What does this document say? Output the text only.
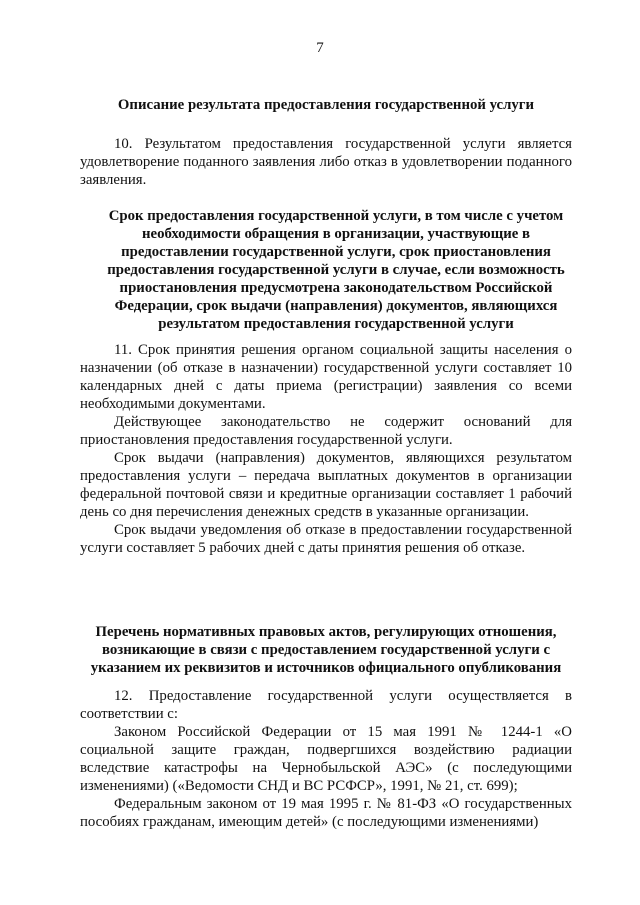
7
Описание результата предоставления государственной услуги

10. Результатом предоставления государственной услуги является удовлетворение поданного заявления либо отказ в удовлетворении поданного заявления.

Срок предоставления государственной услуги, в том числе с учетом необходимости обращения в организации, участвующие в предоставлении государственной услуги, срок приостановления предоставления государственной услуги в случае, если возможность приостановления предусмотрена законодательством Российской Федерации, срок выдачи (направления) документов, являющихся результатом предоставления государственной услуги

11. Срок принятия решения органом социальной защиты населения о назначении (об отказе в назначении) государственной услуги составляет 10 календарных дней с даты приема (регистрации) заявления со всеми необходимыми документами.

Действующее законодательство не содержит оснований для приостановления предоставления государственной услуги.

Срок выдачи (направления) документов, являющихся результатом предоставления услуги – передача выплатных документов в организации федеральной почтовой связи и кредитные организации составляет 1 рабочий день со дня перечисления денежных средств в указанные организации.

Срок выдачи уведомления об отказе в предоставлении государственной услуги составляет 5 рабочих дней с даты принятия решения об отказе.

Перечень нормативных правовых актов, регулирующих отношения, возникающие в связи с предоставлением государственной услуги с указанием их реквизитов и источников официального опубликования

12. Предоставление государственной услуги осуществляется в соответствии с:

Законом Российской Федерации от 15 мая 1991 № 1244-1 «О социальной защите граждан, подвергшихся воздействию радиации вследствие катастрофы на Чернобыльской АЭС» (с последующими изменениями) («Ведомости СНД и ВС РСФСР», 1991, № 21, ст. 699);

Федеральным законом от 19 мая 1995 г. № 81-ФЗ «О государственных пособиях гражданам, имеющим детей» (с последующими изменениями)
